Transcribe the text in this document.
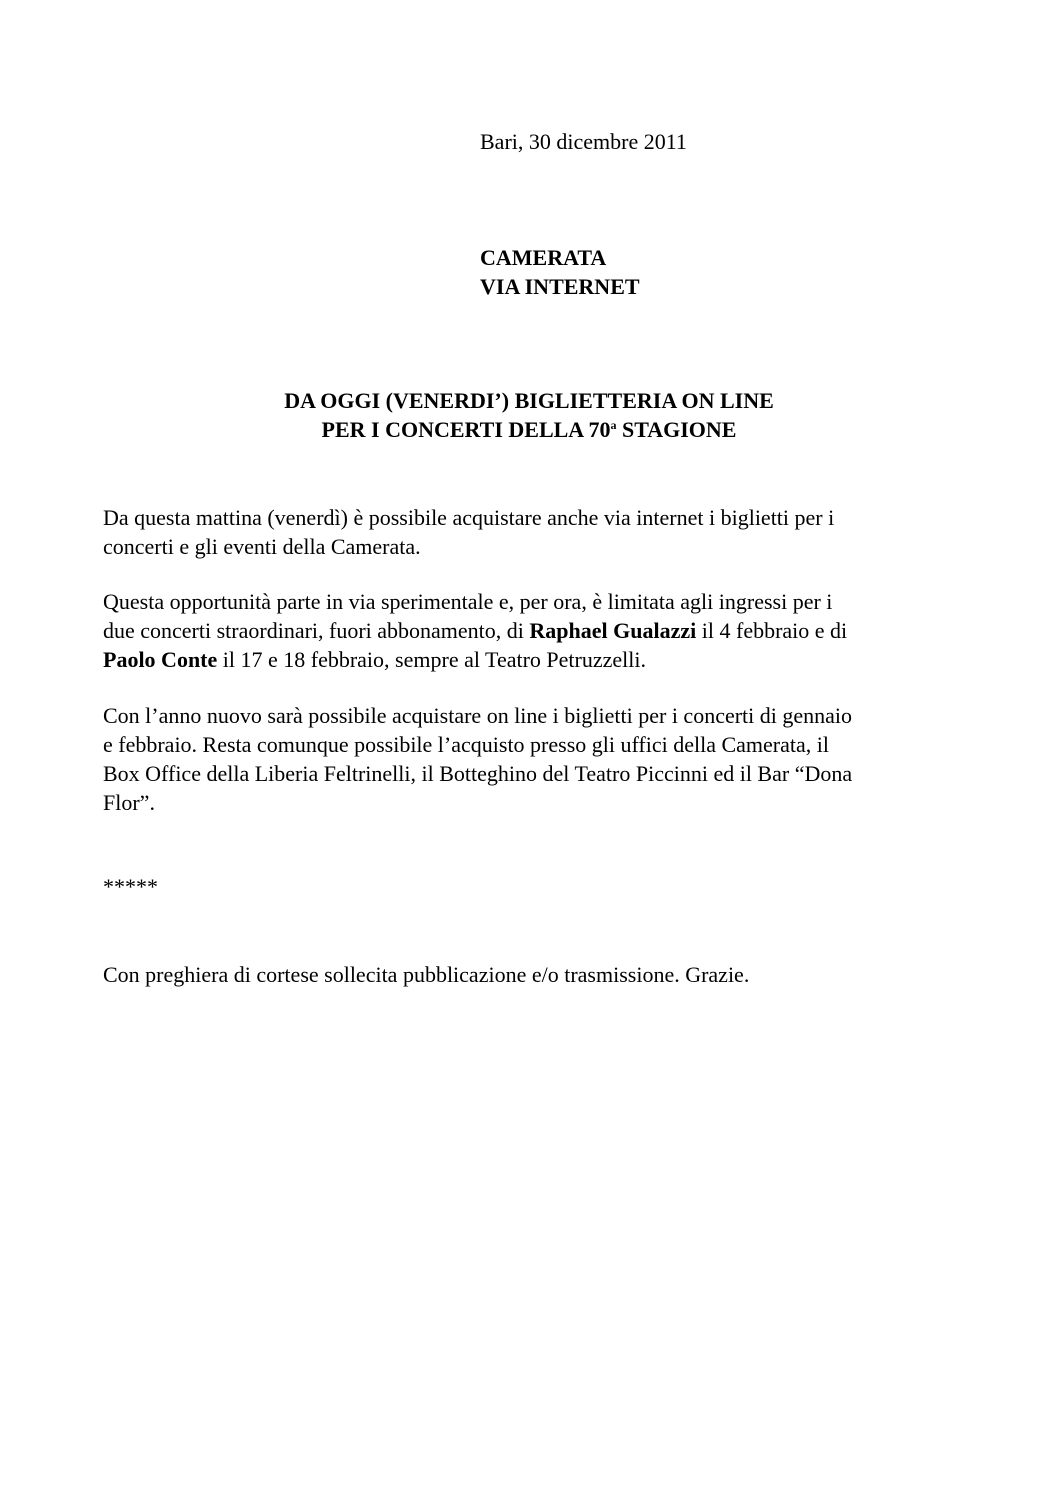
Bari, 30 dicembre 2011
CAMERATA
VIA INTERNET
DA OGGI (VENERDI’) BIGLIETTERIA ON LINE
PER I CONCERTI DELLA 70$^a$ STAGIONE
Da questa mattina (venerdì) è possibile acquistare anche via internet i biglietti per i
concerti e gli eventi della Camerata.
Questa opportunità parte in via sperimentale e, per ora, è limitata agli ingressi per i
due concerti straordinari, fuori abbonamento, di Raphael Gualazzi il 4 febbraio e di
Paolo Conte il 17 e 18 febbraio, sempre al Teatro Petruzzelli.
Con l’anno nuovo sarà possibile acquistare on line i biglietti per i concerti di gennaio
e febbraio. Resta comunque possibile l’acquisto presso gli uffici della Camerata, il
Box Office della Liberia Feltrinelli, il Botteghino del Teatro Piccinni ed il Bar “Dona
Flor”.
*****
Con preghiera di cortese sollecita pubblicazione e/o trasmissione. Grazie.
